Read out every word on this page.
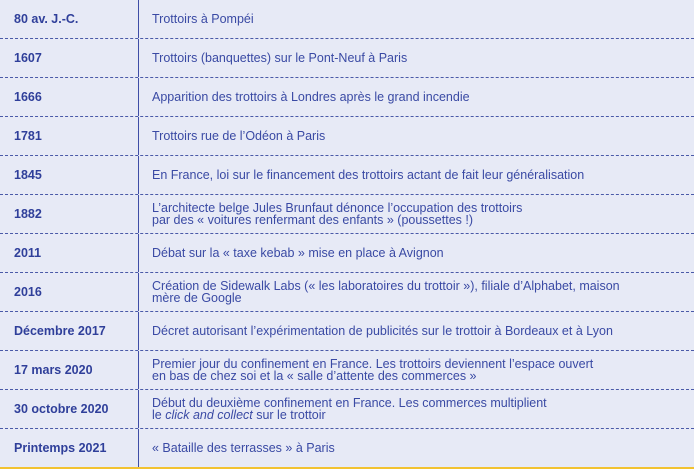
80 av. J.-C.	Trottoirs à Pompéi
1607	Trottoirs (banquettes) sur le Pont-Neuf à Paris
1666	Apparition des trottoirs à Londres après le grand incendie
1781	Trottoirs rue de l’Odéon à Paris
1845	En France, loi sur le financement des trottoirs actant de fait leur généralisation
1882	L’architecte belge Jules Brunfaut dénonce l’occupation des trottoirs
par des « voitures renfermant des enfants » (poussettes !)
2011	Débat sur la « taxe kebab » mise en place à Avignon
2016	Création de Sidewalk Labs (« les laboratoires du trottoir »), filiale d’Alphabet, maison
mère de Google
Décembre 2017	Décret autorisant l’expérimentation de publicités sur le trottoir à Bordeaux et à Lyon
17 mars 2020	Premier jour du confinement en France. Les trottoirs deviennent l’espace ouvert
en bas de chez soi et la « salle d’attente des commerces »
30 octobre 2020	Début du deuxième confinement en France. Les commerces multiplient
le click and collect sur le trottoir
Printemps 2021	« Bataille des terrasses » à Paris
